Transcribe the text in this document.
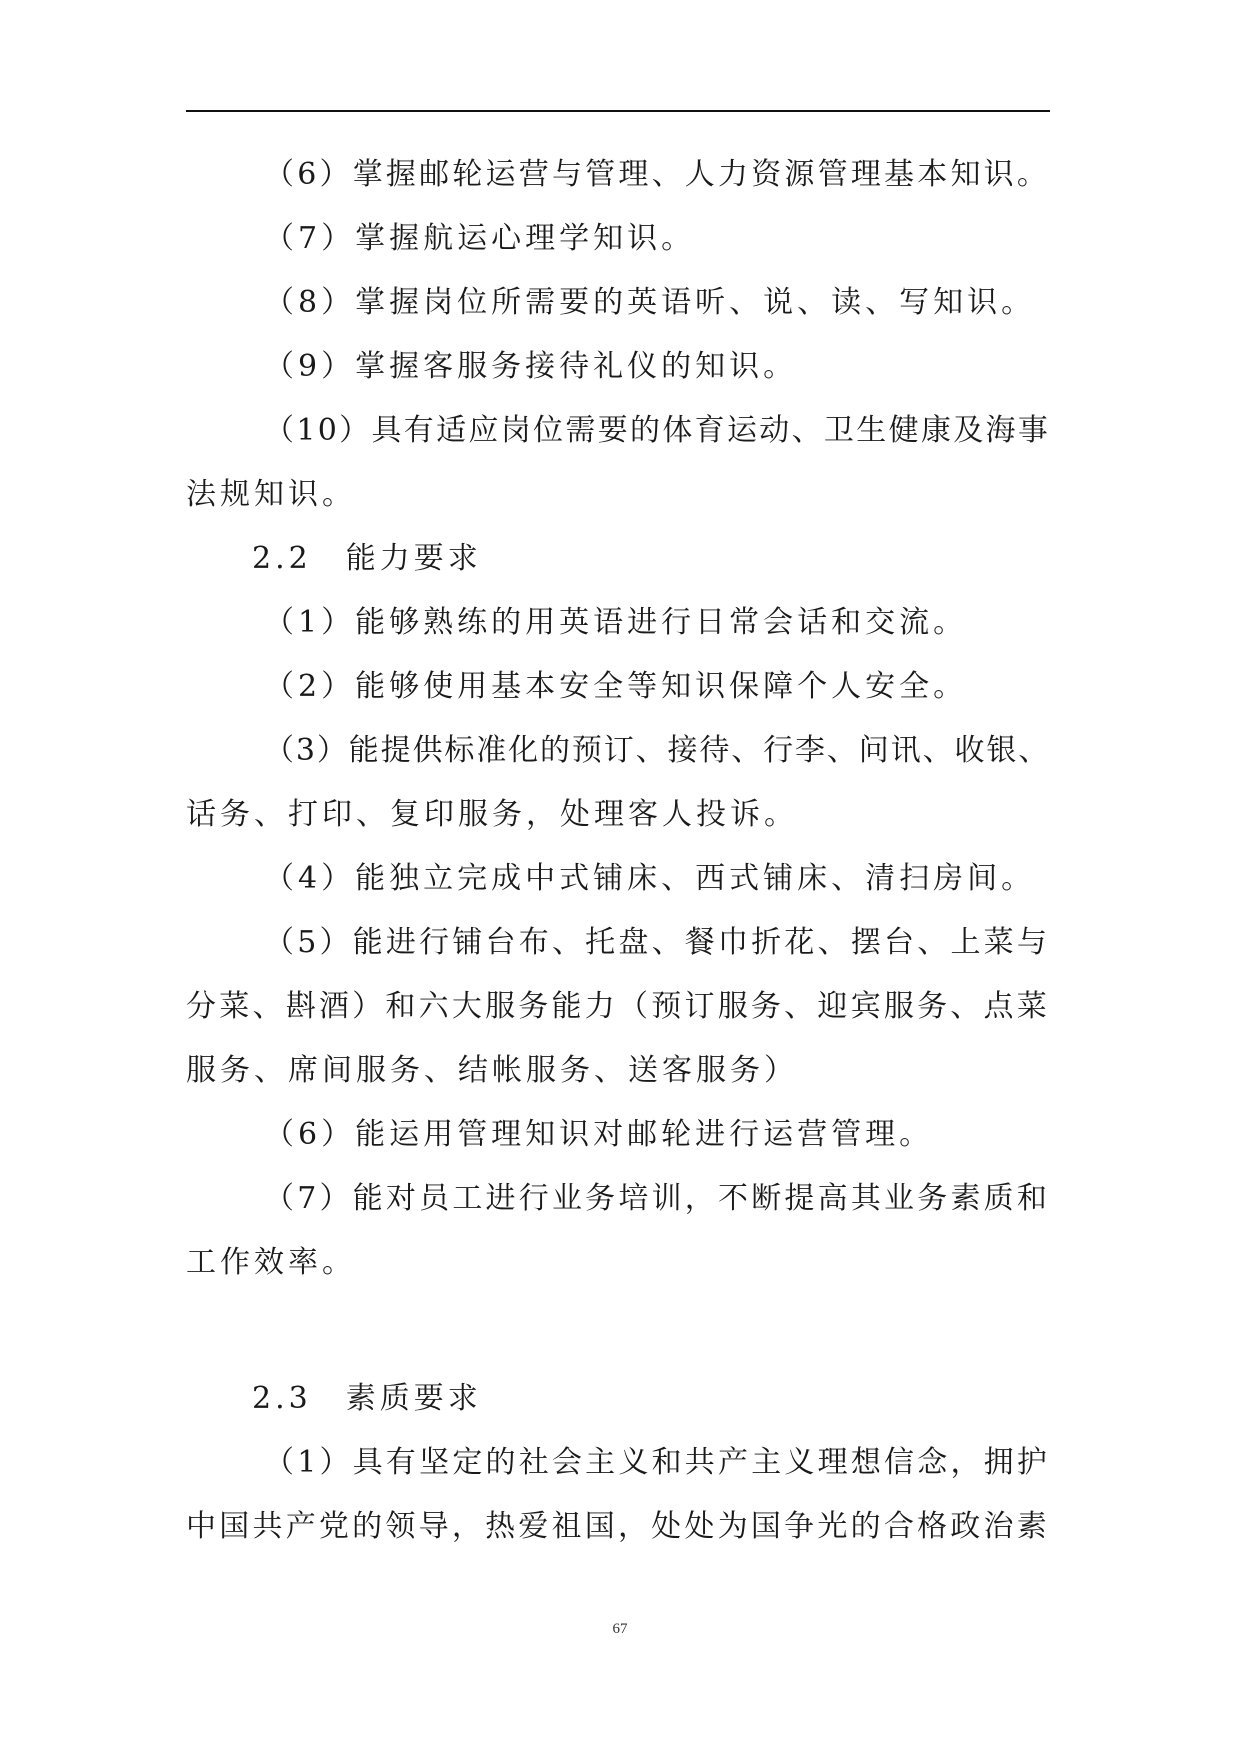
（6）掌握邮轮运营与管理、人力资源管理基本知识。
（7）掌握航运心理学知识。
（8）掌握岗位所需要的英语听、说、读、写知识。
（9）掌握客服务接待礼仪的知识。
（10）具有适应岗位需要的体育运动、卫生健康及海事
法规知识。
2.2　能力要求
（1）能够熟练的用英语进行日常会话和交流。
（2）能够使用基本安全等知识保障个人安全。
（3）能提供标准化的预订、接待、行李、问讯、收银、
话务、打印、复印服务，处理客人投诉。
（4）能独立完成中式铺床、西式铺床、清扫房间。
（5）能进行铺台布、托盘、餐巾折花、摆台、上菜与
分菜、斟酒）和六大服务能力（预订服务、迎宾服务、点菜
服务、席间服务、结帐服务、送客服务）
（6）能运用管理知识对邮轮进行运营管理。
（7）能对员工进行业务培训，不断提高其业务素质和
工作效率。
2.3　素质要求
（1）具有坚定的社会主义和共产主义理想信念，拥护
中国共产党的领导，热爱祖国，处处为国争光的合格政治素
67
